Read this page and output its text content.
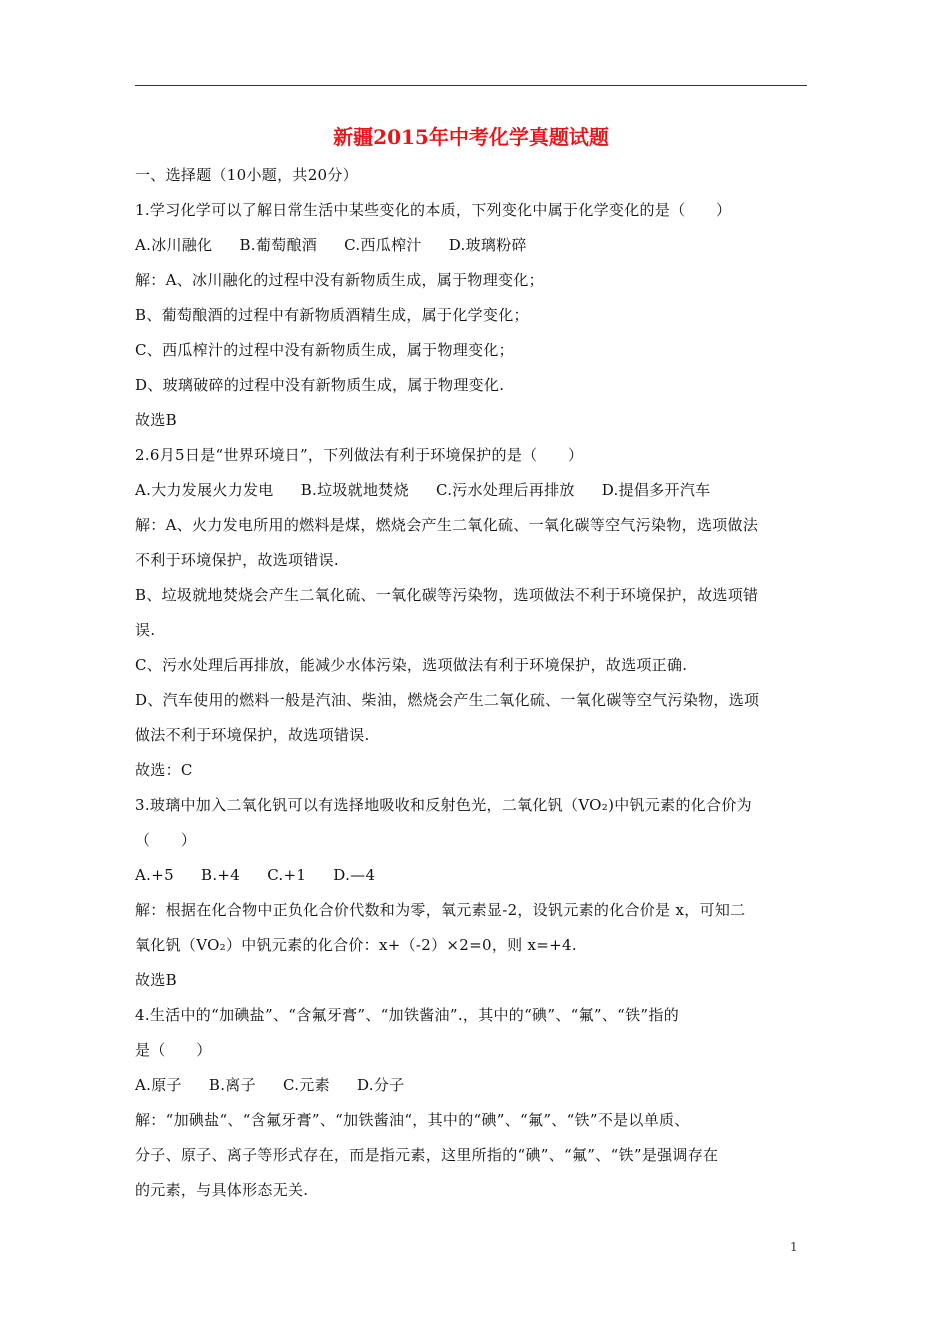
新疆2015年中考化学真题试题
一、选择题（10小题，共20分）
1.学习化学可以了解日常生活中某些变化的本质，下列变化中属于化学变化的是（　　）
A.冰川融化 B.葡萄酿酒 C.西瓜榨汁 D.玻璃粉碎
解：A、冰川融化的过程中没有新物质生成，属于物理变化；
B、葡萄酿酒的过程中有新物质酒精生成，属于化学变化；
C、西瓜榨汁的过程中没有新物质生成，属于物理变化；
D、玻璃破碎的过程中没有新物质生成，属于物理变化.
故选B
2.6月5日是“世界环境日”，下列做法有利于环境保护的是（　　）
A.大力发展火力发电 B.垃圾就地焚烧 C.污水处理后再排放 D.提倡多开汽车
解：A、火力发电所用的燃料是煤，燃烧会产生二氧化硫、一氧化碳等空气污染物，选项做法
不利于环境保护，故选项错误.
B、垃圾就地焚烧会产生二氧化硫、一氧化碳等污染物，选项做法不利于环境保护，故选项错
误.
C、污水处理后再排放，能减少水体污染，选项做法有利于环境保护，故选项正确.
D、汽车使用的燃料一般是汽油、柴油，燃烧会产生二氧化硫、一氧化碳等空气污染物，选项
做法不利于环境保护，故选项错误.
故选：C
3.玻璃中加入二氧化钒可以有选择地吸收和反射色光，二氧化钒（VO₂)中钒元素的化合价为
（　　）
A.+5 B.+4 C.+1 D.—4
解：根据在化合物中正负化合价代数和为零，氧元素显-2，设钒元素的化合价是 x，可知二
氧化钒（VO₂）中钒元素的化合价：x+（-2）×2=0，则 x=+4.
故选B
4.生活中的“加碘盐”、“含氟牙膏”、“加铁酱油”.，其中的“碘”、“氟”、“铁”指的
是（　　）
A.原子 B.离子 C.元素 D.分子
解：“加碘盐“、“含氟牙膏”、“加铁酱油“，其中的“碘”、“氟”、“铁”不是以单质、
分子、原子、离子等形式存在，而是指元素，这里所指的“碘”、“氟”、“铁”是强调存在
的元素，与具体形态无关.
1
